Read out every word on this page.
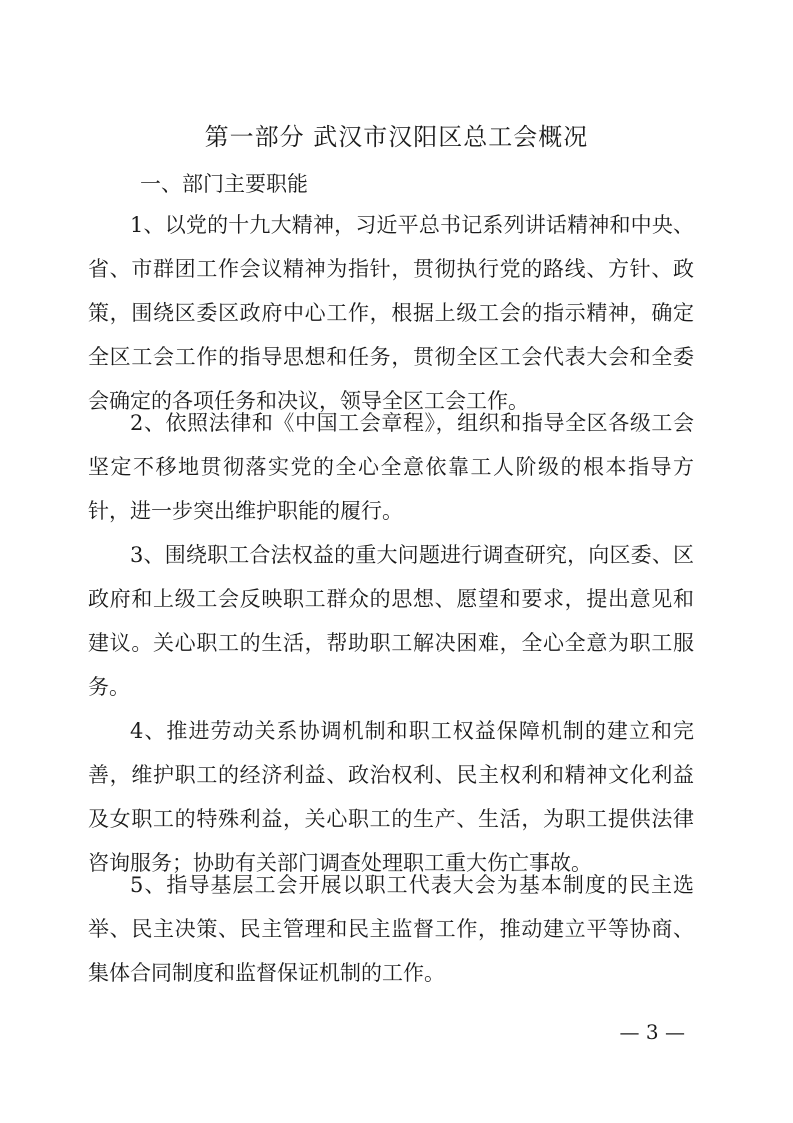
第一部分 武汉市汉阳区总工会概况
一、部门主要职能

1、以党的十九大精神，习近平总书记系列讲话精神和中央、省、市群团工作会议精神为指针，贯彻执行党的路线、方针、政策，围绕区委区政府中心工作，根据上级工会的指示精神，确定全区工会工作的指导思想和任务，贯彻全区工会代表大会和全委会确定的各项任务和决议，领导全区工会工作。

2、依照法律和《中国工会章程》，组织和指导全区各级工会坚定不移地贯彻落实党的全心全意依靠工人阶级的根本指导方针，进一步突出维护职能的履行。

3、围绕职工合法权益的重大问题进行调查研究，向区委、区政府和上级工会反映职工群众的思想、愿望和要求，提出意见和建议。关心职工的生活，帮助职工解决困难，全心全意为职工服务。

4、推进劳动关系协调机制和职工权益保障机制的建立和完善，维护职工的经济利益、政治权利、民主权利和精神文化利益及女职工的特殊利益，关心职工的生产、生活，为职工提供法律咨询服务；协助有关部门调查处理职工重大伤亡事故。

5、指导基层工会开展以职工代表大会为基本制度的民主选举、民主决策、民主管理和民主监督工作，推动建立平等协商、集体合同制度和监督保证机制的工作。

— 3 —
